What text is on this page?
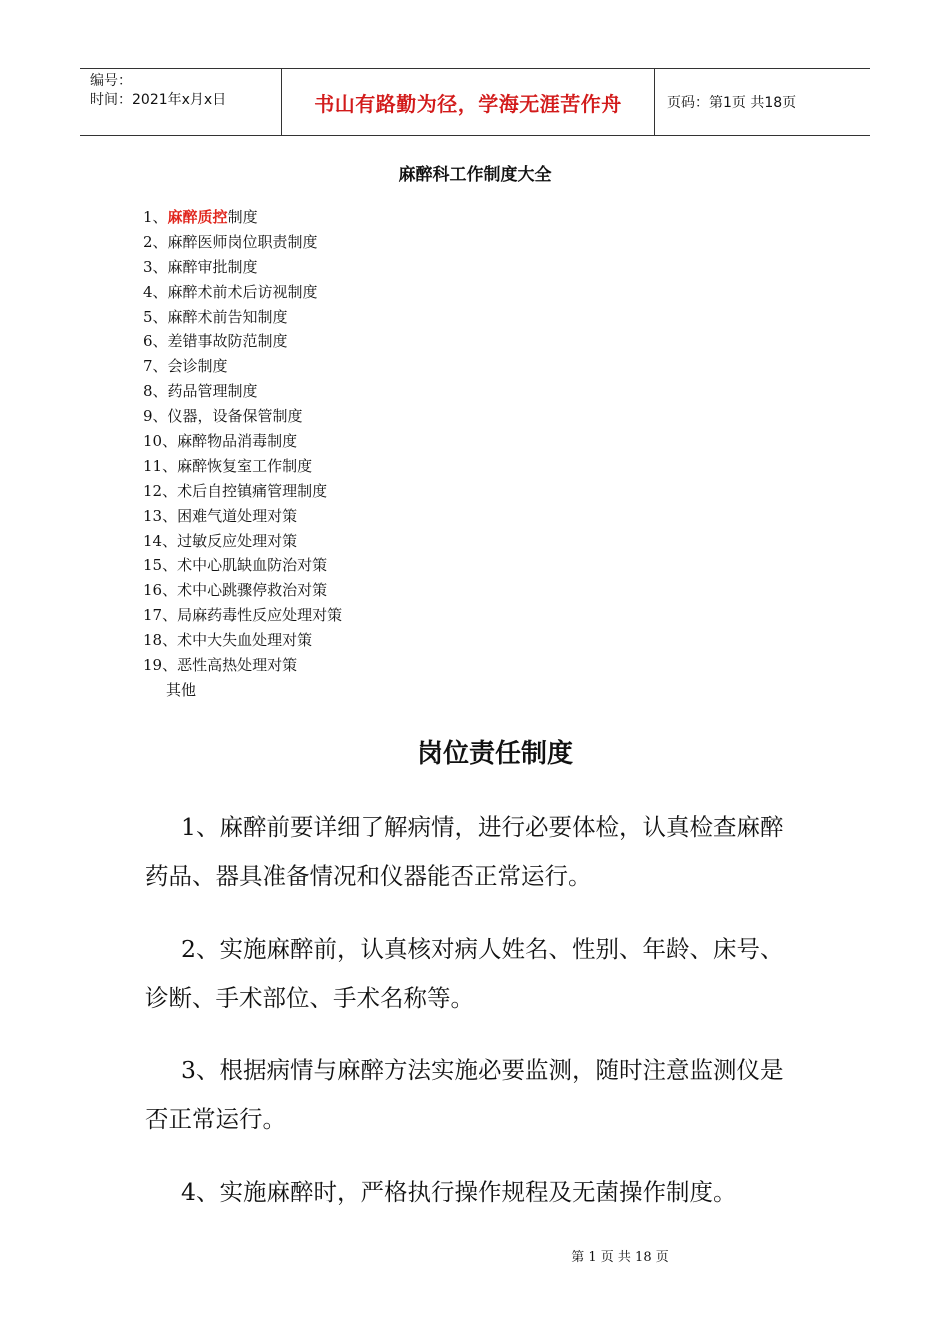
编号：
时间：2021年x月x日	书山有路勤为径，学海无涯苦作舟	页码：第1页 共18页
麻醉科工作制度大全
1、麻醉质控制度
2、麻醉医师岗位职责制度
3、麻醉审批制度
4、麻醉术前术后访视制度
5、麻醉术前告知制度
6、差错事故防范制度
7、会诊制度
8、药品管理制度
9、仪器，设备保管制度
10、麻醉物品消毒制度
11、麻醉恢复室工作制度
12、术后自控镇痛管理制度
13、困难气道处理对策
14、过敏反应处理对策
15、术中心肌缺血防治对策
16、术中心跳骤停救治对策
17、局麻药毒性反应处理对策
18、术中大失血处理对策
19、恶性高热处理对策
其他
岗位责任制度

1、麻醉前要详细了解病情，进行必要体检，认真检查麻醉药品、器具准备情况和仪器能否正常运行。

2、实施麻醉前，认真核对病人姓名、性别、年龄、床号、诊断、手术部位、手术名称等。

3、根据病情与麻醉方法实施必要监测，随时注意监测仪是否正常运行。

4、实施麻醉时，严格执行操作规程及无菌操作制度。

第 1 页 共 18 页
